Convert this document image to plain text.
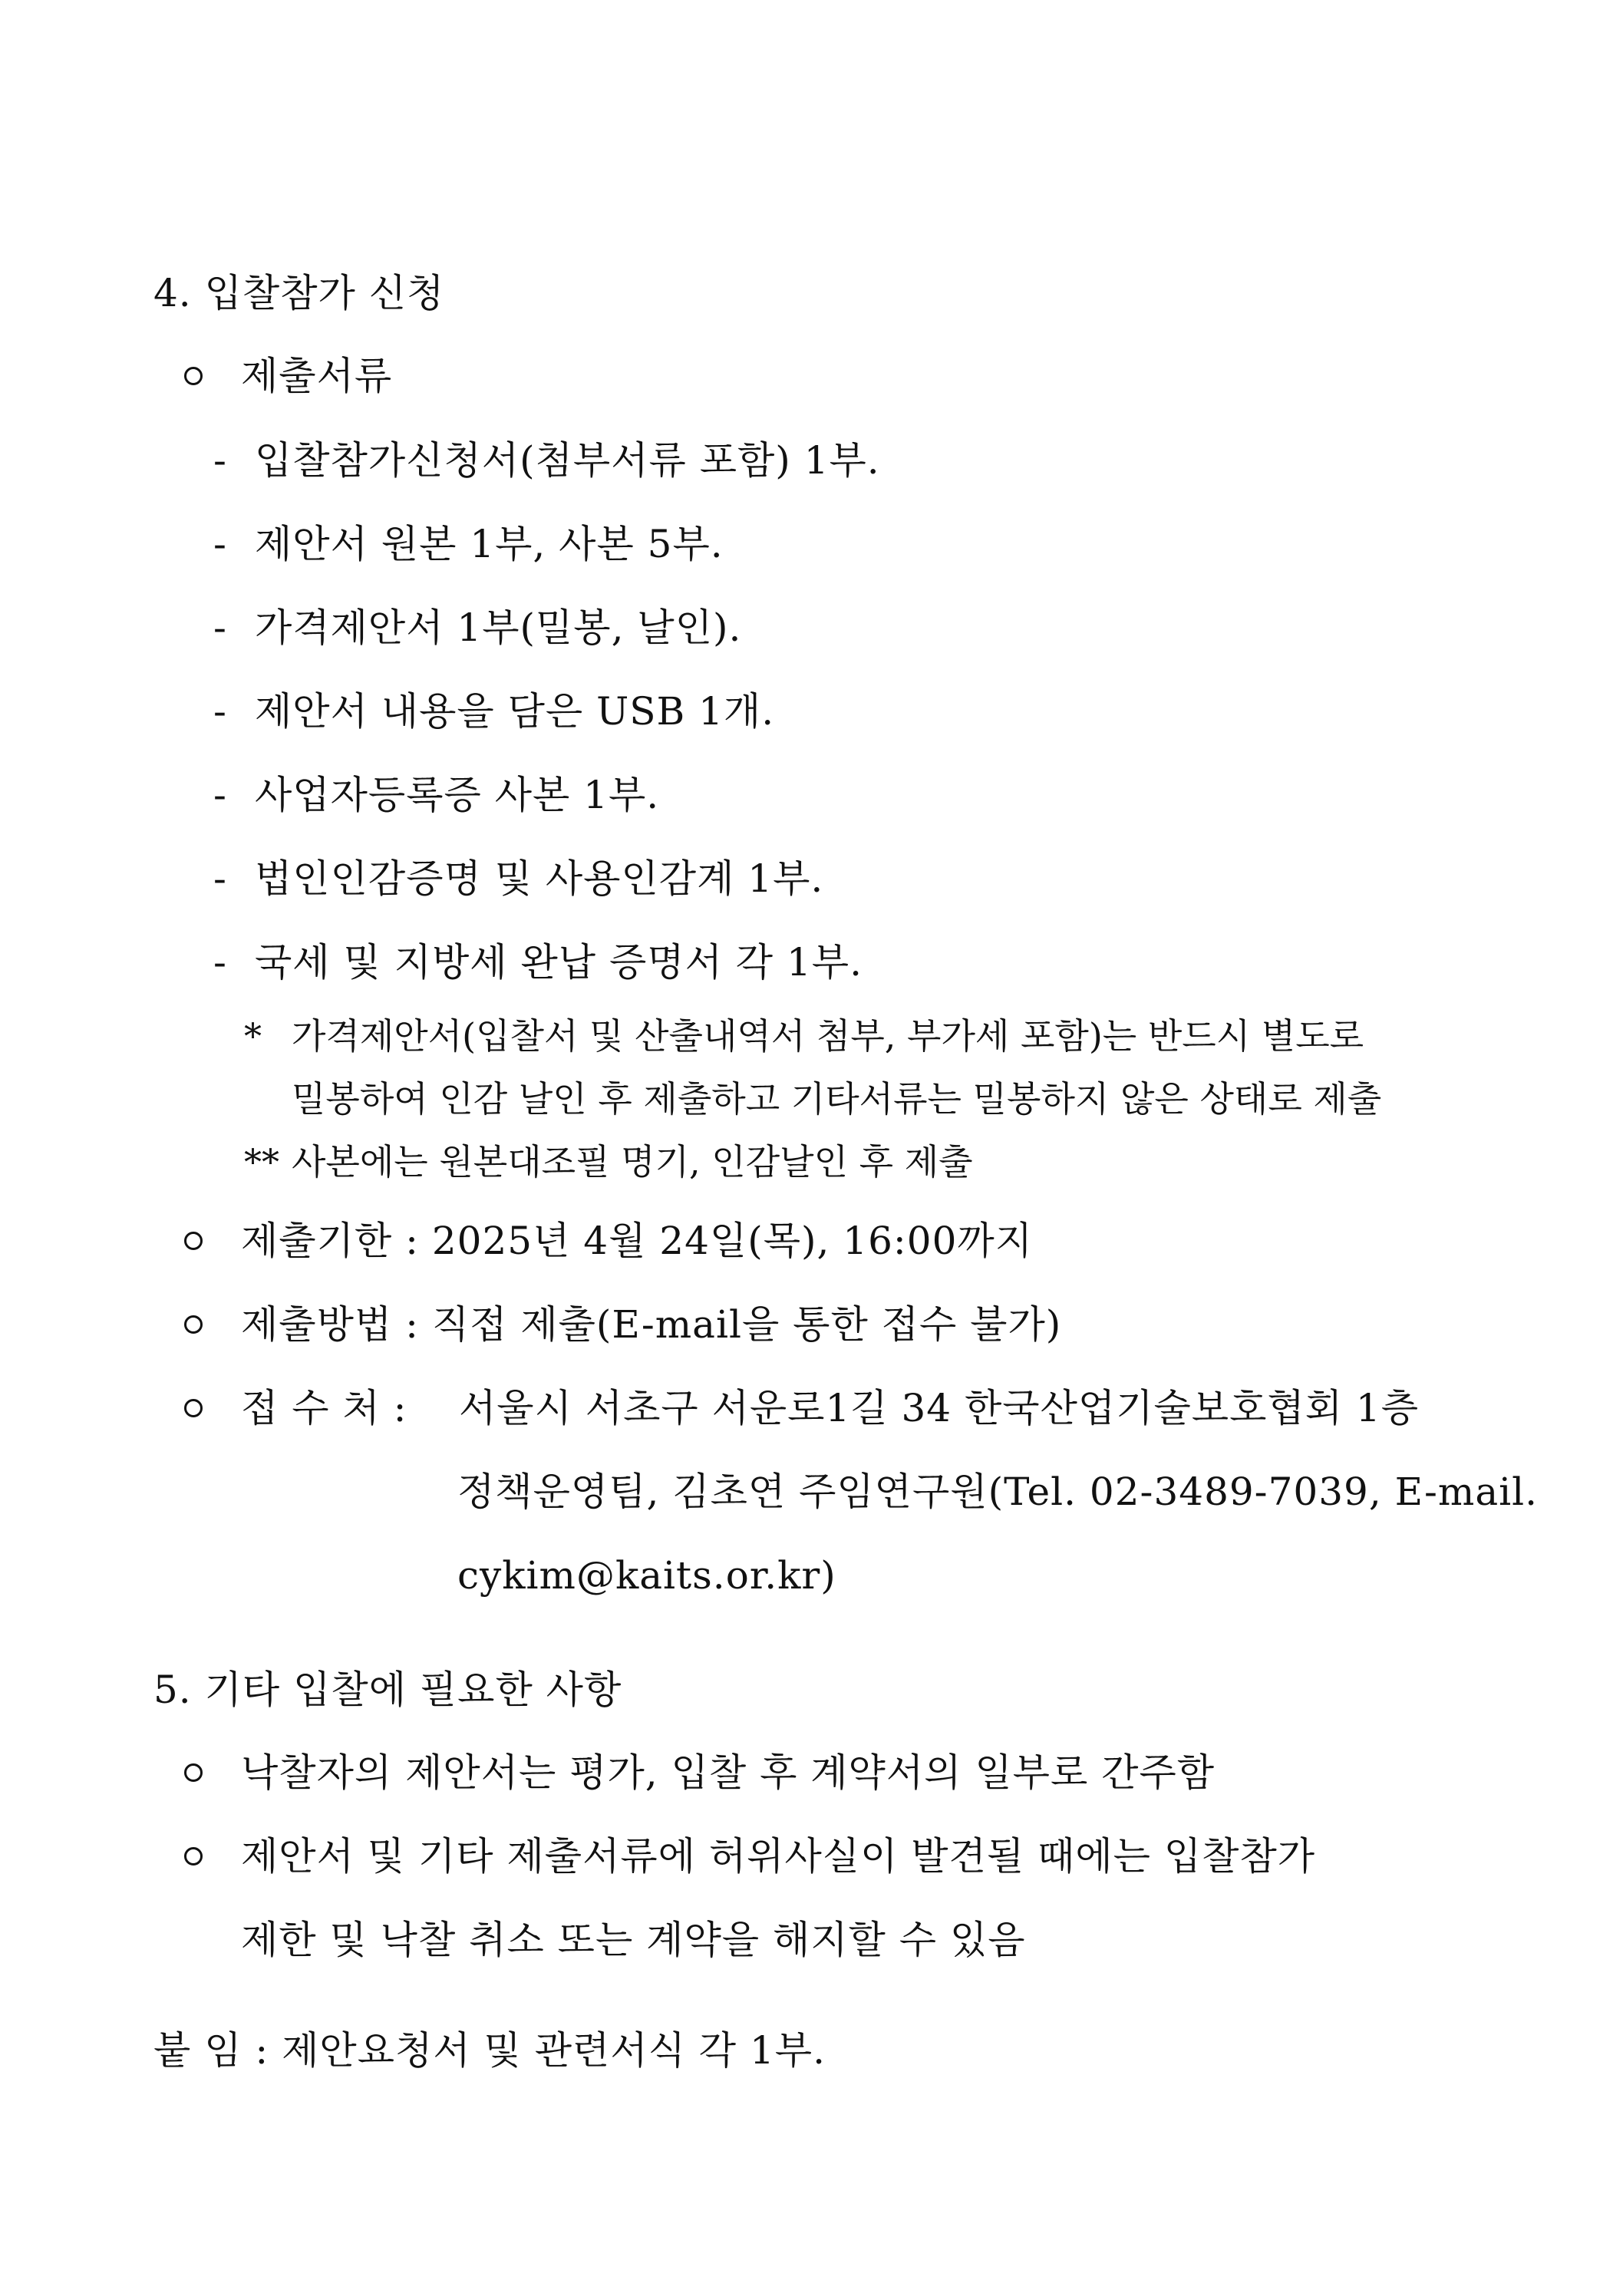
4. 입찰참가 신청
제출서류
- 입찰참가신청서(첨부서류 포함) 1부.
- 제안서 원본 1부, 사본 5부.
- 가격제안서 1부(밀봉, 날인).
- 제안서 내용을 담은 USB 1개.
- 사업자등록증 사본 1부.
- 법인인감증명 및 사용인감계 1부.
- 국세 및 지방세 완납 증명서 각 1부.
* 가격제안서(입찰서 및 산출내역서 첨부, 부가세 포함)는 반드시 별도로
밀봉하여 인감 날인 후 제출하고 기타서류는 밀봉하지 않은 상태로 제출
** 사본에는 원본대조필 명기, 인감날인 후 제출
제출기한 : 2025년 4월 24일(목), 16:00까지
제출방법 : 직접 제출(E-mail을 통한 접수 불가)
접 수 처 : 서울시 서초구 서운로1길 34 한국산업기술보호협회 1층
정책운영팀, 김초연 주임연구원(Tel. 02-3489-7039, E-mail.
cykim@kaits.or.kr)
5. 기타 입찰에 필요한 사항
낙찰자의 제안서는 평가, 입찰 후 계약서의 일부로 간주함
제안서 및 기타 제출서류에 허위사실이 발견될 때에는 입찰참가
제한 및 낙찰 취소 또는 계약을 해지할 수 있음
붙 임 : 제안요청서 및 관련서식 각 1부.
